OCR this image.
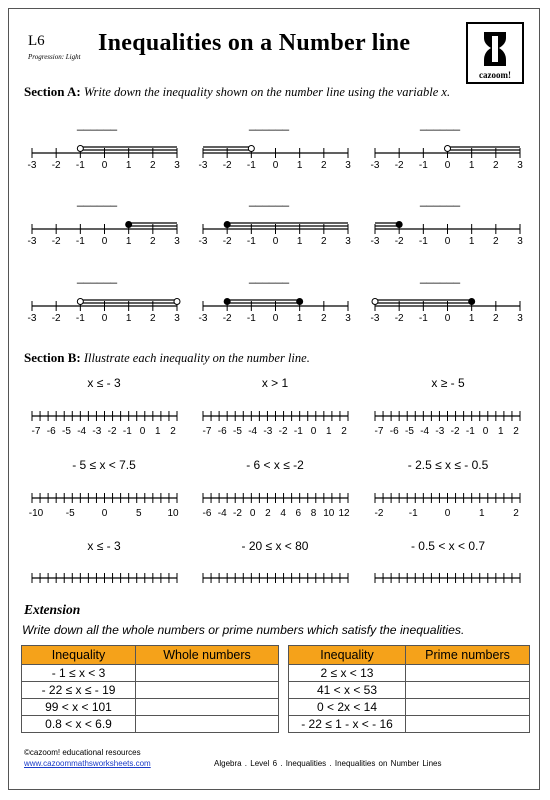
L6
Progression: Light
Inequalities on a Number line
cazoom!
Section A: Write down the inequality shown on the number line using the variable x.
______	______	______
______	______	______
______	______	______
-3	-2	-1	0	1	2	3	-3	-2	-1	0	1	2	3	-3	-2	-1	0	1	2	3
-3	-2	-1	0	1	2	3	-3	-2	-1	0	1	2	3	-3	-2	-1	0	1	2	3
-3	-2	-1	0	1	2	3	-3	-2	-1	0	1	2	3	-3	-2	-1	0	1	2	3
Section B: Illustrate each inequality on the number line.
x ≤ - 3	x > 1	x ≥ - 5
- 5 ≤ x < 7.5	- 6 < x ≤ -2	- 2.5 ≤ x ≤ - 0.5
x ≤ - 3	- 20 ≤ x < 80	- 0.5 < x < 0.7
-7 -6 -5 -4 -3 -2 -1 0 1 2	-7 -6 -5 -4 -3 -2 -1 0 1 2	-7 -6 -5 -4 -3 -2 -1 0 1 2
-10	-5	0	5	10	-6 -4 -2 0 2 4 6 8 10 12	-2	-1	0	1	2
Extension
Write down all the whole numbers or prime numbers which satisfy the inequalities.
Inequality	Whole numbers
- 1 ≤ x < 3	
- 22 ≤ x ≤ - 19	
99 < x < 101	
0.8 < x < 6.9	
Inequality	Prime numbers
2 ≤ x < 13	
41 < x < 53	
0 < 2x < 14	
- 22 ≤ 1 - x < - 16	
©cazoom! educational resources
www.cazoommathsworksheets.com	Algebra . Level 6 . Inequalities . Inequalities on Number Lines
